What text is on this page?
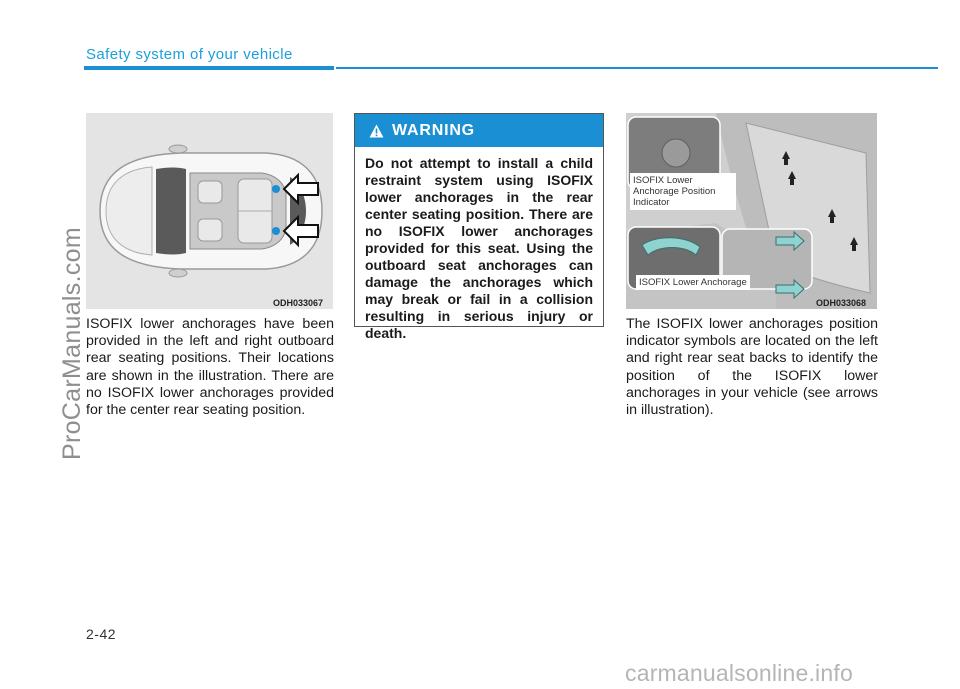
ProCarManuals.com
Safety system of your vehicle
ODH033067
ISOFIX lower anchorages have been provided in the left and right outboard rear seating positions. Their locations are shown in the illustration. There are no ISOFIX lower anchorages provided for the center rear seating position.
WARNING
Do not attempt to install a child restraint system using ISOFIX lower anchorages in the rear center seating position. There are no ISOFIX lower anchorages provided for this seat. Using the outboard seat anchorages can damage the anchorages which may break or fail in a collision resulting in serious injury or death.
ISOFIX Lower Anchorage Position Indicator
ISOFIX Lower Anchorage
ODH033068
The ISOFIX lower anchorages position indicator symbols are located on the left and right rear seat backs to identify the position of the ISOFIX lower anchorages in your vehicle (see arrows in illustration).
2-42
carmanualsonline.info
